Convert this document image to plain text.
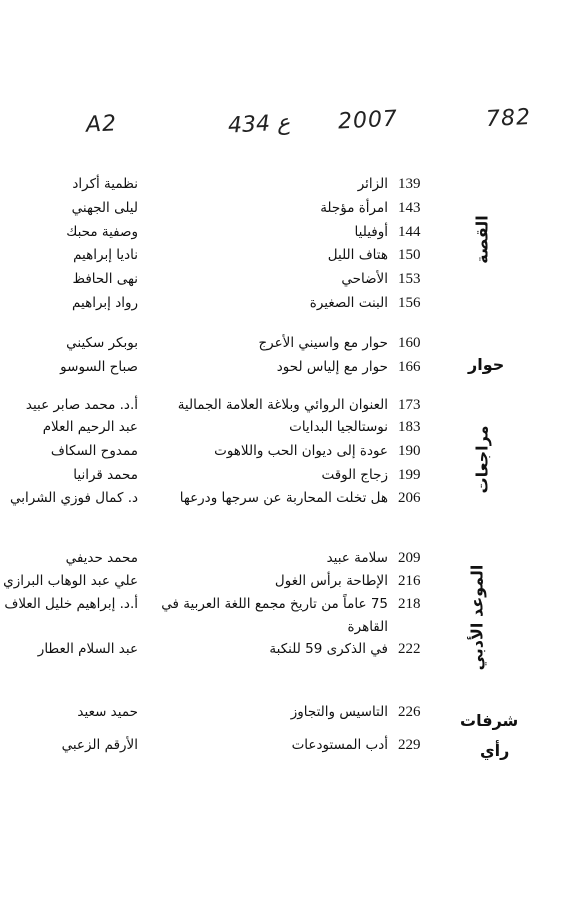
A2	434 ع 2007	782
القصة
حوار
مراجعات
الموعد الأدبي
شرفات
رأي
139
الزائر
نظمية أكراد
143
امرأة مؤجلة
ليلى الجهني
144
أوفيليا
وصفية محبك
150
هتاف الليل
ناديا إبراهيم
153
الأضاحي
نهى الحافظ
156
البنت الصغيرة
رواد إبراهيم
160
حوار مع واسيني الأعرج
بوبكر سكيني
166
حوار مع إلياس لحود
صباح السوسو
173
العنوان الروائي وبلاغة العلامة الجمالية
أ.د. محمد صابر عبيد
183
نوستالجيا البدايات
عبد الرحيم العلام
190
عودة إلى ديوان الحب واللاهوت
ممدوح السكاف
199
زجاج الوقت
محمد قرانيا
206
هل تخلت المحاربة عن سرجها ودرعها
د. كمال فوزي الشرابي
209
سلامة عبيد
محمد حديفي
216
الإطاحة برأس الغول
علي عبد الوهاب البرازي
218
75 عاماً من تاريخ مجمع اللغة العربية في
أ.د. إبراهيم خليل العلاف
القاهرة
222
في الذكرى 59 للنكبة
عبد السلام العطار
226
التاسيس والتجاوز
حميد سعيد
229
أدب المستودعات
الأرقم الزعبي
